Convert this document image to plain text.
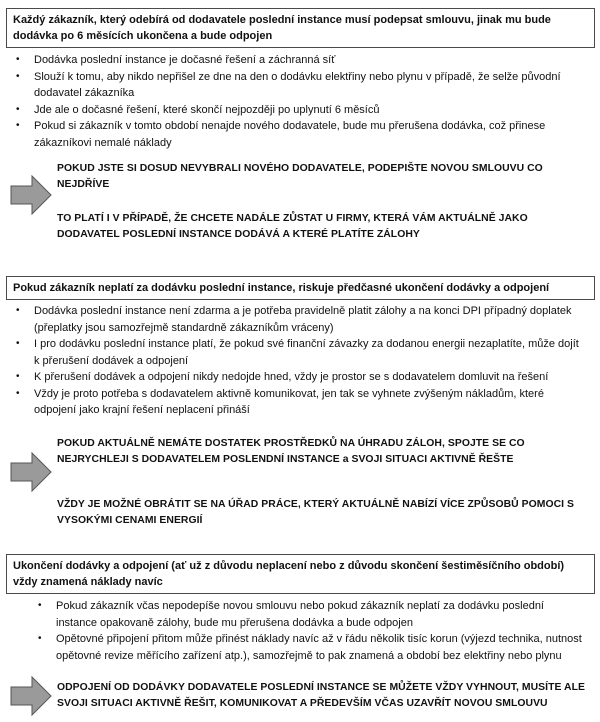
Každý zákazník, který odebírá od dodavatele poslední instance musí podepsat smlouvu, jinak mu bude dodávka po 6 měsících ukončena a bude odpojen
• Dodávka poslední instance je dočasné řešení a záchranná síť
• Slouží k tomu, aby nikdo nepřišel ze dne na den o dodávku elektřiny nebo plynu v případě, že selže původní dodavatel zákazníka
• Jde ale o dočasné řešení, které skončí nejpozději po uplynutí 6 měsíců
• Pokud si zákazník v tomto období nenajde nového dodavatele, bude mu přerušena dodávka, což přinese zákazníkovi nemalé náklady
POKUD JSTE SI DOSUD NEVYBRALI NOVÉHO DODAVATELE, PODEPIŠTE NOVOU SMLOUVU CO NEJDŘÍVE
TO PLATÍ I V PŘÍPADĚ, ŽE CHCETE NADÁLE ZŮSTAT U FIRMY, KTERÁ VÁM AKTUÁLNĚ JAKO DODAVATEL POSLEDNÍ INSTANCE DODÁVÁ A KTERÉ PLATÍTE ZÁLOHY
Pokud zákazník neplatí za dodávku poslední instance, riskuje předčasné ukončení dodávky a odpojení
• Dodávka poslední instance není zdarma a je potřeba pravidelně platit zálohy a na konci DPI případný doplatek (přeplatky jsou samozřejmě standardně zákazníkům vráceny)
• I pro dodávku poslední instance platí, že pokud své finanční závazky za dodanou energii nezaplatíte, může dojít k přerušení dodávek a odpojení
• K přerušení dodávek a odpojení nikdy nedojde hned, vždy je prostor se s dodavatelem domluvit na řešení
• Vždy je proto potřeba s dodavatelem aktivně komunikovat, jen tak se vyhnete zvýšeným nákladům, které odpojení jako krajní řešení neplacení přináší
POKUD AKTUÁLNĚ NEMÁTE DOSTATEK PROSTŘEDKŮ NA ÚHRADU ZÁLOH, SPOJTE SE CO NEJRYCHLEJI S DODAVATELEM POSLENDNÍ INSTANCE a SVOJI SITUACI AKTIVNĚ ŘEŠTE
VŽDY JE MOŽNÉ OBRÁTIT SE NA ÚŘAD PRÁCE, KTERÝ AKTUÁLNĚ NABÍZÍ VÍCE ZPŮSOBŮ POMOCI S VYSOKÝMI CENAMI ENERGIÍ
Ukončení dodávky a odpojení (ať už z důvodu neplacení nebo z důvodu skončení šestiměsíčního období) vždy znamená náklady navíc
• Pokud zákazník včas nepodepíše novou smlouvu nebo pokud zákazník neplatí za dodávku poslední instance opakovaně zálohy, bude mu přerušena dodávka a bude odpojen
• Opětovné připojení přitom může přinést náklady navíc až v řádu několik tisíc korun (výjezd technika, nutnost opětovné revize měřícího zařízení atp.), samozřejmě to pak znamená a období bez elektřiny nebo plynu
ODPOJENÍ OD DODÁVKY DODAVATELE POSLEDNÍ INSTANCE SE MŮŽETE VŽDY VYHNOUT, MUSÍTE ALE SVOJI SITUACI AKTIVNĚ ŘEŠIT, KOMUNIKOVAT A PŘEDEVŠÍM VČAS UZAVŘÍT NOVOU SMLOUVU
